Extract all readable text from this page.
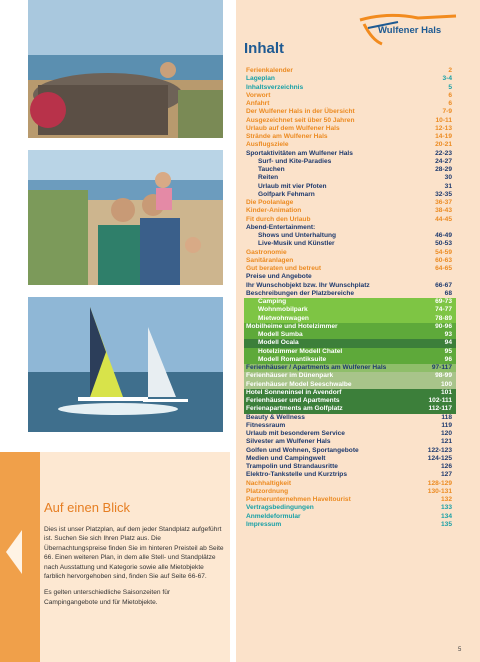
Auf einen Blick

Dies ist unser Platzplan, auf dem jeder Standplatz aufgeführt ist. Suchen Sie sich Ihren Platz aus. Die Übernachtungspreise finden Sie im hinteren Preisteil ab Seite 66. Einen weiteren Plan, in dem alle Stell- und Standplätze nach Ausstattung und Kategorie sowie alle Mietobjekte farblich hervorgehoben sind, finden Sie auf Seite 66-67.

Es gelten unterschiedliche Saisonzeiten für Campingangebote und für Mietobjekte.

Wulfener Hals
Inhalt
Ferienkalender	2
Lageplan	3-4
Inhaltsverzeichnis	5
Vorwort	6
Anfahrt	6
Der Wulfener Hals in der Übersicht	7-9
Ausgezeichnet seit über 50 Jahren	10-11
Urlaub auf dem Wulfener Hals	12-13
Strände am Wulfener Hals	14-19
Ausflugsziele	20-21
Sportaktivitäten am Wulfener Hals	22-23
Surf- und Kite-Paradies	24-27
Tauchen	28-29
Reiten	30
Urlaub mit vier Pfoten	31
Golfpark Fehmarn	32-35
Die Poolanlage	36-37
Kinder-Animation	38-43
Fit durch den Urlaub	44-45
Abend-Entertainment:
Shows und Unterhaltung	46-49
Live-Musik und Künstler	50-53
Gastronomie	54-59
Sanitäranlagen	60-63
Gut beraten und betreut	64-65
Preise und Angebote
Ihr Wunschobjekt bzw. Ihr Wunschplatz	66-67
Beschreibungen der Platzbereiche	68
Camping	69-73
Wohnmobilpark	74-77
Mietwohnwagen	78-89
Mobilheime und Hotelzimmer	90-96
Modell Sumba	93
Modell Ocala	94
Hotelzimmer Modell Chatel	95
Modell Romantiksuite	96
Ferienhäuser / Apartments am Wulfener Hals	97-117
Ferienhäuser im Dünenpark	98-99
Ferienhäuser Model Seeschwalbe	100
Hotel Sonneninsel in Avendorf	101
Ferienhäuser und Apartments	102-111
Ferienapartments am Golfplatz	112-117
Beauty & Wellness	118
Fitnessraum	119
Urlaub mit besonderem Service	120
Silvester am Wulfener Hals	121
Golfen und Wohnen, Sportangebote	122-123
Medien und Campingwelt	124-125
Trampolin und Strandausritte	126
Elektro-Tankstelle und Kurztrips	127
Nachhaltigkeit	128-129
Platzordnung	130-131
Partnerunternehmen Haveltourist	132
Vertragsbedingungen	133
Anmeldeformular	134
Impressum	135
5
